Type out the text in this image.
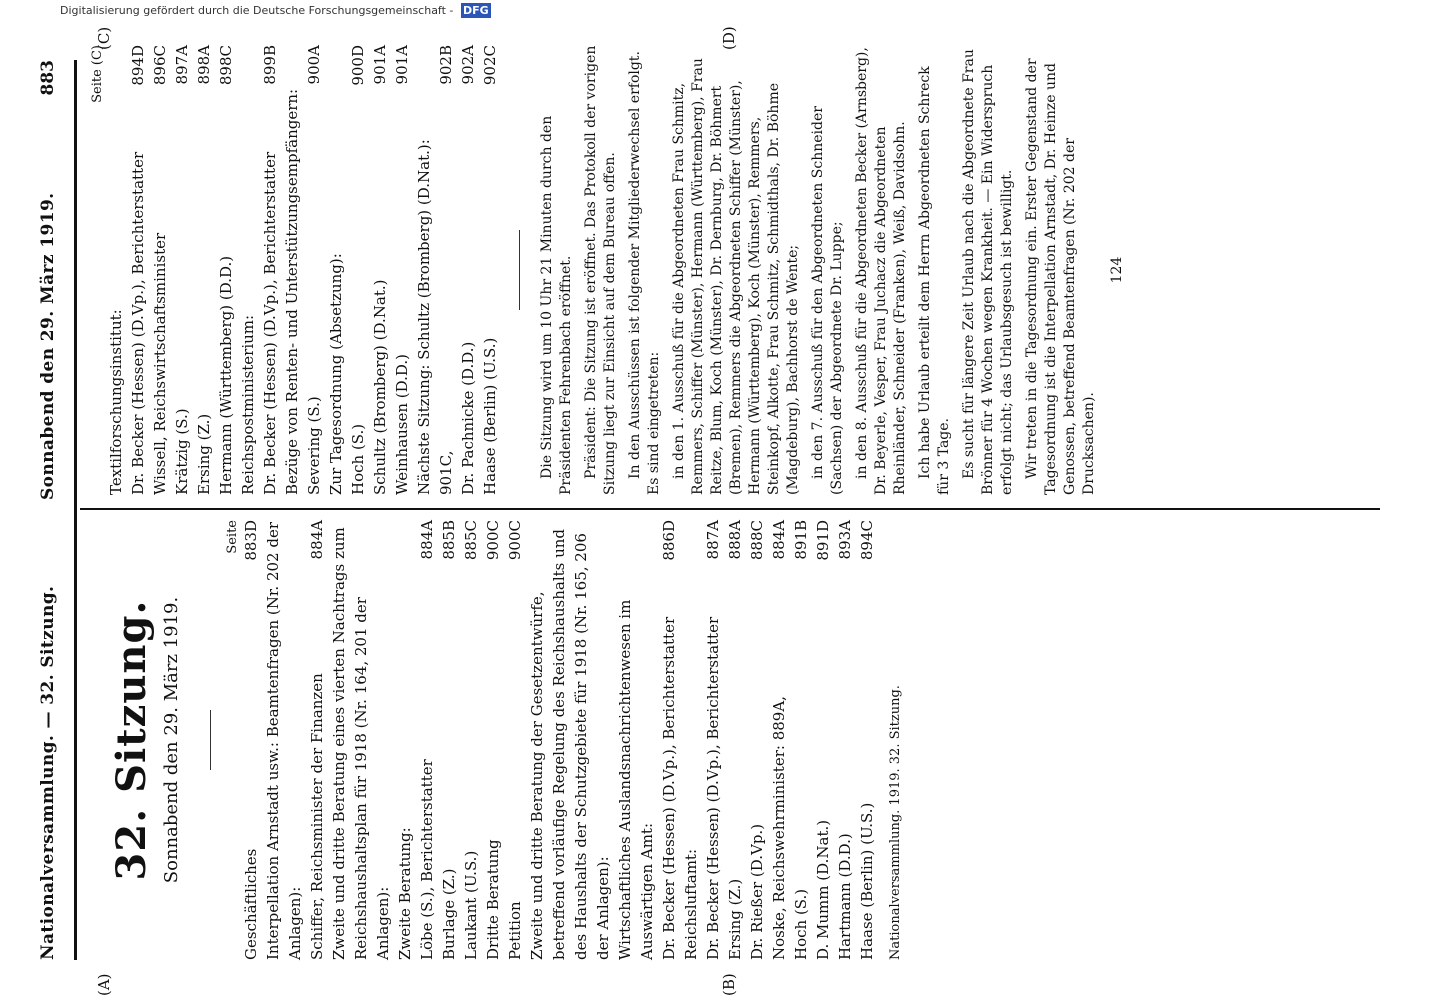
Nationalversammlung. — 32. Sitzung.
Sonnabend den 29. März 1919.
883
(A)	(B)
(C)	(D)
32. Sitzung. Sonnabend den 29. März 1919.
Seite
Geschäftliches
883D Interpellation Arnstadt usw.: Beamtenfragen (Nr. 202 der Anlagen): Schiffer, Reichsminister der Finanzen
884A Zweite und dritte Beratung eines vierten Nachtrags zum Reichshaushaltsplan für 1918 (Nr. 164, 201 der Anlagen): Zweite Beratung: Löbe (S.), Berichterstatter
884A
Burlage (Z.)
885B
Laukant (U.S.)
885C
Dritte Beratung
900C
Petition
900C
Zweite und dritte Beratung der Gesetzentwürfe, betreffend vorläufige Regelung des Reichshaushalts und des Haushalts der Schutzgebiete für 1918 (Nr. 165, 206 der Anlagen): Wirtschaftliches Auslandsnachrichtenwesen im Auswärtigen Amt: Dr. Becker (Hessen) (D.Vp.), Berichterstatter
886D
Reichsluftamt: Dr. Becker (Hessen) (D.Vp.), Berichterstatter
887A
Ersing (Z.)
888A
Dr. Rießer (D.Vp.)
888C
Noske, Reichswehrminister: 889A,
884A
Hoch (S.)
891B
D. Mumm (D.Nat.)
891D
Hartmann (D.D.)
893A
Haase (Berlin) (U.S.)
894C
Nationalversammlung. 1919. 32. Sitzung.
Seite (C)
Textilforschungsinstitut: Dr. Becker (Hessen) (D.Vp.), Berichterstatter
894D
Wissell, Reichswirtschaftsminister
896C
Krätzig (S.)
897A
Ersing (Z.)
898A
Hermann (Württemberg) (D.D.)
898C
Reichspostministerium: Dr. Becker (Hessen) (D.Vp.), Berichterstatter
899B
Bezüge von Renten- und Unterstützungsempfängern: Severing (S.)
900A
Zur Tagesordnung (Absetzung): Hoch (S.)
900D
Schultz (Bromberg) (D.Nat.)
901A
Weinhausen (D.D.)
901A
Nächste Sitzung: Schultz (Bromberg) (D.Nat.): 901C,
902B
Dr. Pachnicke (D.D.)
902A
Haase (Berlin) (U.S.)
902C

Die Sitzung wird um 10 Uhr 21 Minuten durch den Präsidenten Fehrenbach eröffnet. Präsident: Die Sitzung ist eröffnet. Das Protokoll der vorigen Sitzung liegt zur Einsicht auf dem Bureau offen. In den Ausschüssen ist folgender Mitgliederwechsel erfolgt. Es sind eingetreten: in den 1. Ausschuß für die Abgeordneten Frau Schmitz, Remmers, Schiffer (Münster), Hermann (Württemberg), Frau Reitze, Blum, Koch (Münster), Dr. Dernburg, Dr. Böhmert (Bremen), Remmers die Abgeordneten Schiffer (Münster), Hermann (Württemberg), Koch (Münster), Remmers, Steinkopf, Alkotte, Frau Schmitz, Schmidthals, Dr. Böhme (Magdeburg), Bachhorst de Wente; in den 7. Ausschuß für den Abgeordneten Schneider (Sachsen) der Abgeordnete Dr. Luppe; in den 8. Ausschuß für die Abgeordneten Becker (Arnsberg), Dr. Beyerle, Vesper, Frau Juchacz die Abgeordneten Rheinländer, Schneider (Franken), Weiß, Davidsohn. Ich habe Urlaub erteilt dem Herrn Abgeordneten Schreck für 3 Tage. Es sucht für längere Zeit Urlaub nach die Abgeordnete Frau Brönner für 4 Wochen wegen Krankheit. — Ein Widerspruch erfolgt nicht; das Urlaubsgesuch ist bewilligt. Wir treten in die Tagesordnung ein. Erster Gegenstand der Tagesordnung ist die Interpellation Arnstadt, Dr. Heinze und Genossen, betreffend Beamtenfragen (Nr. 202 der Drucksachen).

124
Digitalisierung gefördert durch die Deutsche Forschungsgemeinschaft - DFG
